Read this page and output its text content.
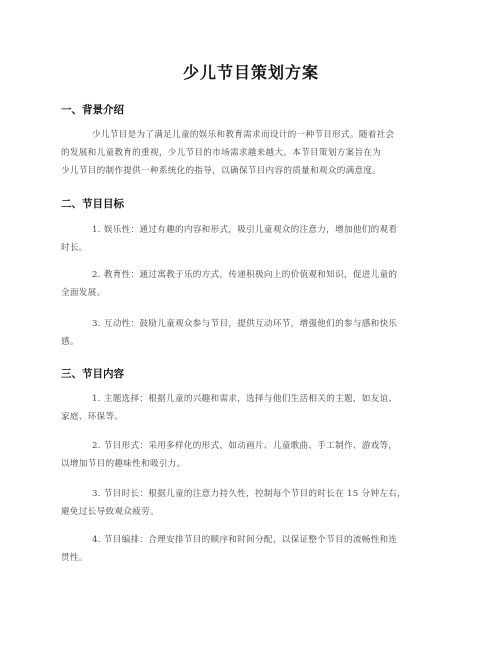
少儿节目策划方案
一、背景介绍
少儿节目是为了满足儿童的娱乐和教育需求而设计的一种节目形式。随着社会
的发展和儿童教育的重视，少儿节目的市场需求越来越大。本节目策划方案旨在为
少儿节目的制作提供一种系统化的指导，以确保节目内容的质量和观众的满意度。
二、节目目标
1. 娱乐性：通过有趣的内容和形式，吸引儿童观众的注意力，增加他们的观看
时长。
2. 教育性：通过寓教于乐的方式，传递积极向上的价值观和知识，促进儿童的
全面发展。
3. 互动性：鼓励儿童观众参与节目，提供互动环节，增强他们的参与感和快乐
感。
三、节目内容
1. 主题选择：根据儿童的兴趣和需求，选择与他们生活相关的主题，如友谊、
家庭、环保等。
2. 节目形式：采用多样化的形式，如动画片、儿童歌曲、手工制作、游戏等，
以增加节目的趣味性和吸引力。
3. 节目时长：根据儿童的注意力持久性，控制每个节目的时长在 15 分钟左右，
避免过长导致观众疲劳。
4. 节目编排：合理安排节目的顺序和时间分配，以保证整个节目的流畅性和连
贯性。
